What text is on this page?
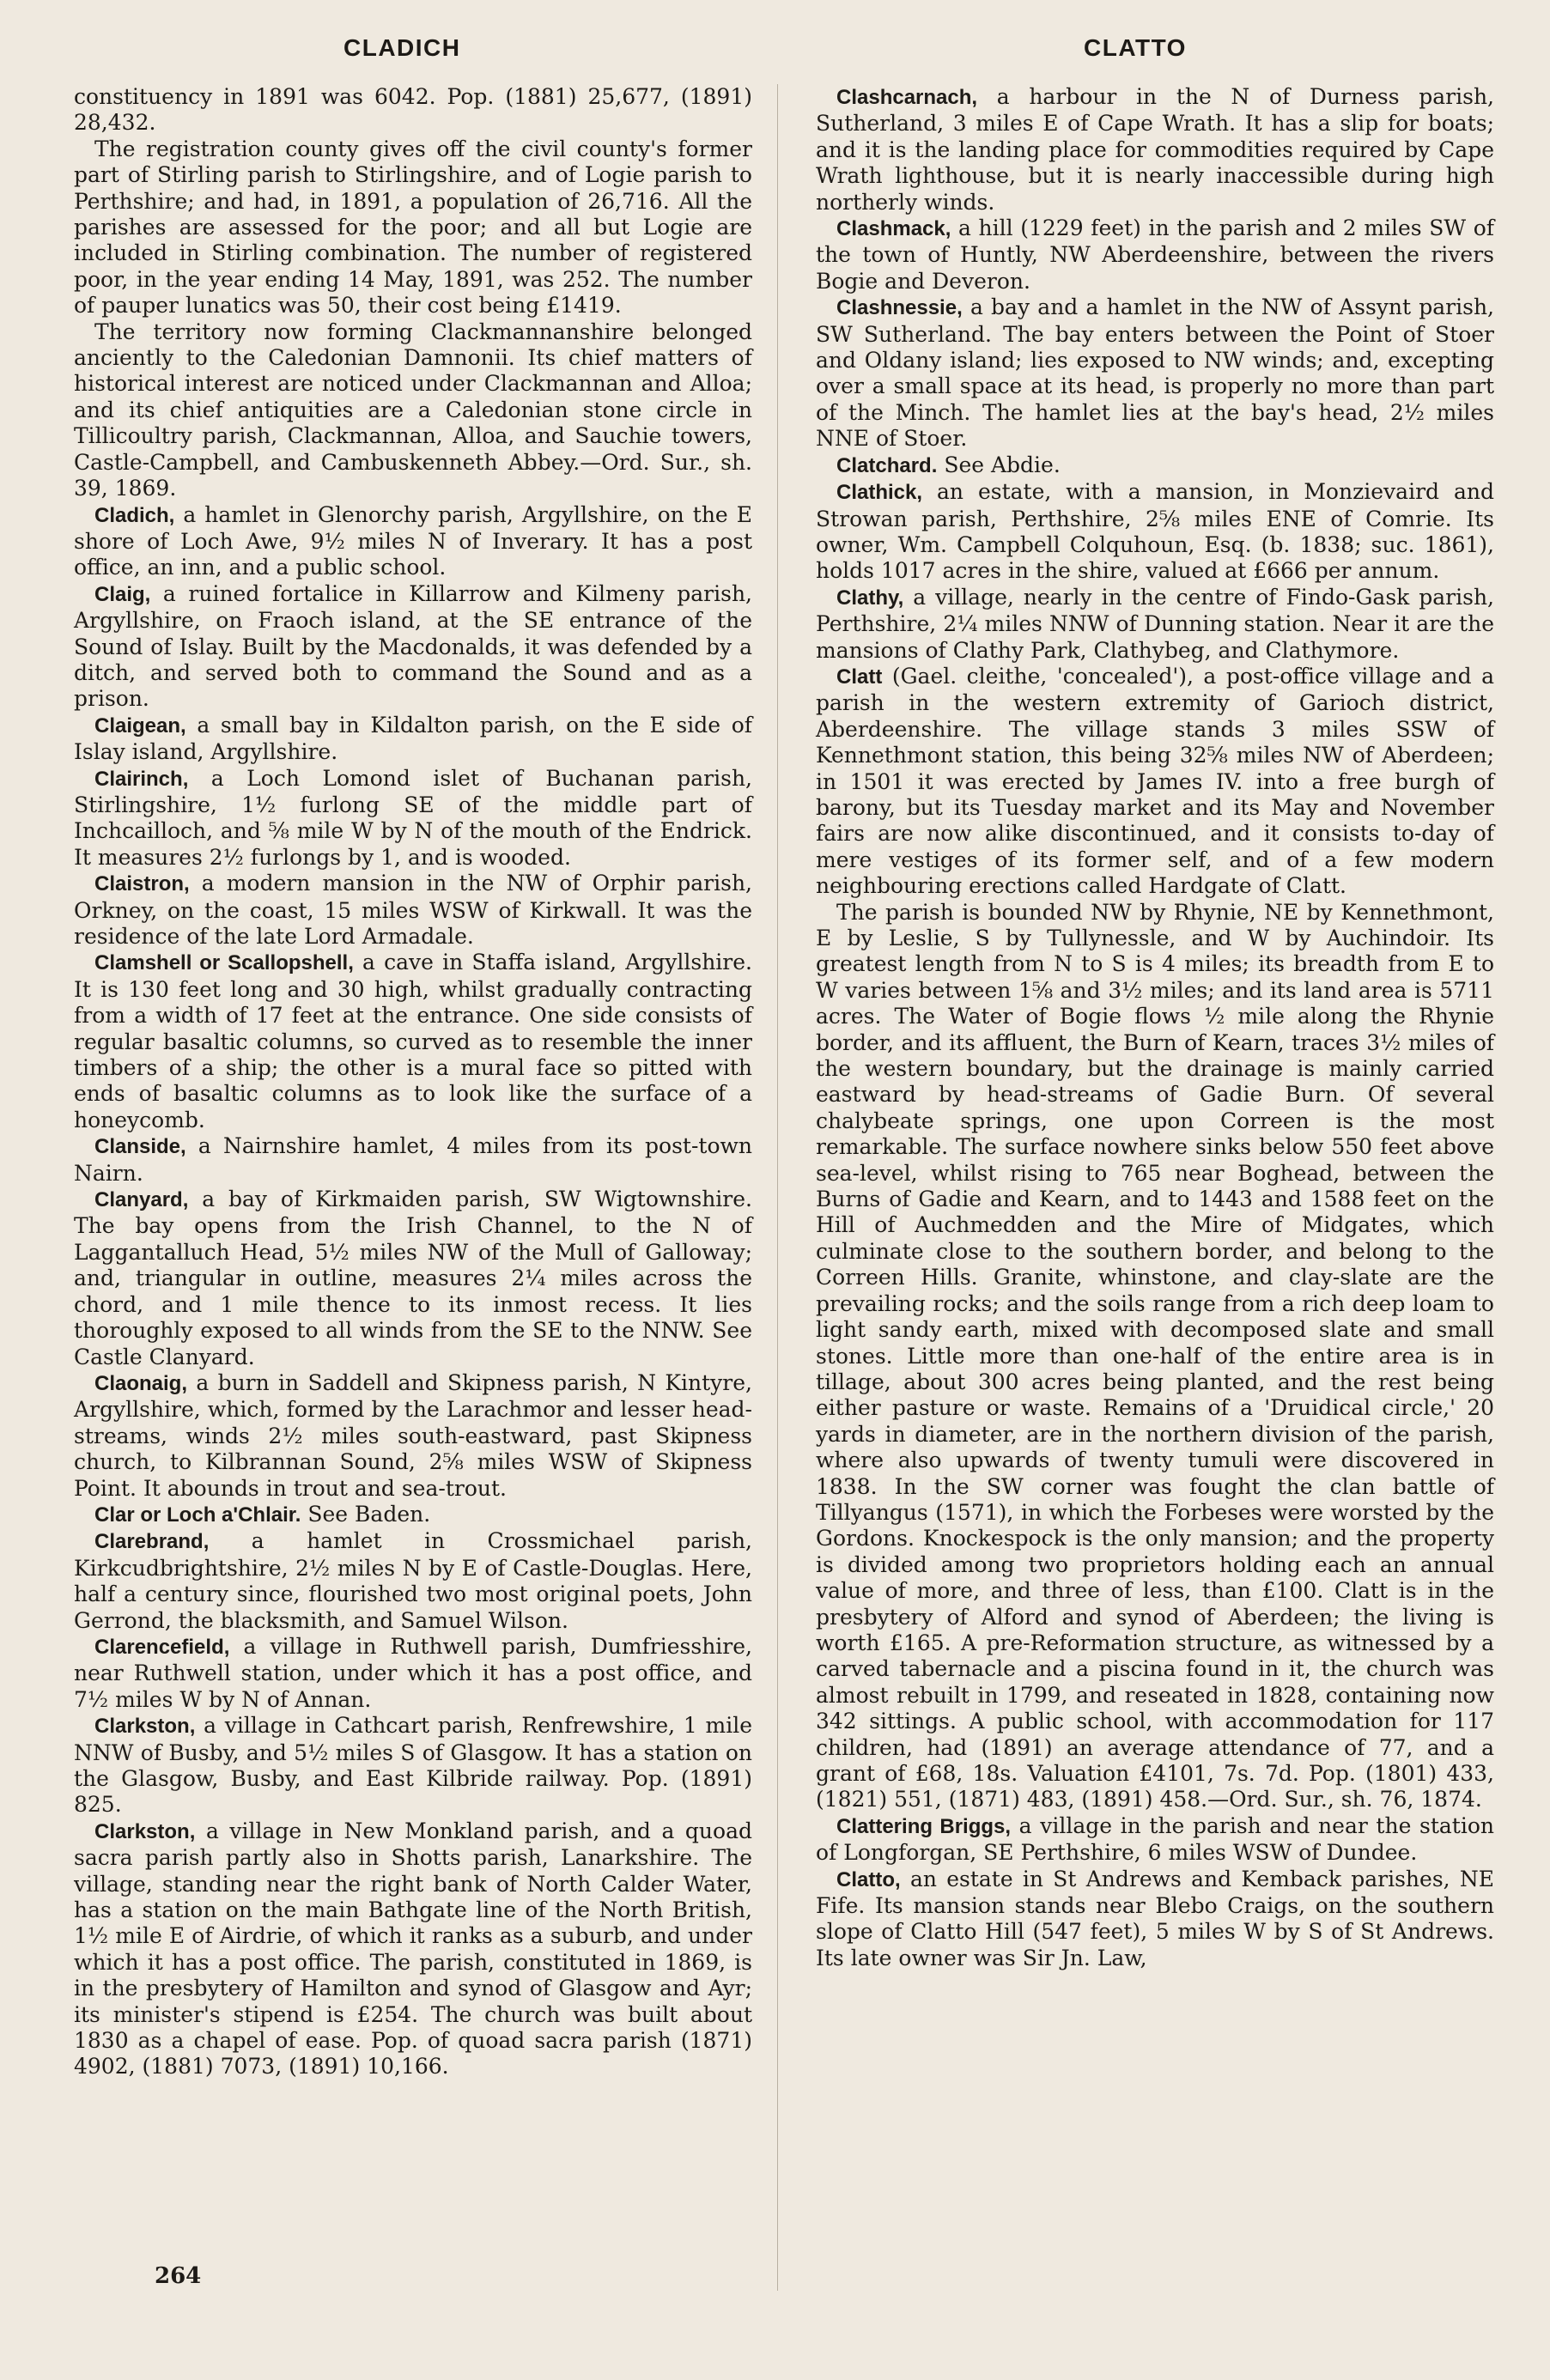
CLADICH	CLATTO

constituency in 1891 was 6042. Pop. (1881) 25,677, (1891) 28,432.

The registration county gives off the civil county's former part of Stirling parish to Stirlingshire, and of Logie parish to Perthshire; and had, in 1891, a population of 26,716. All the parishes are assessed for the poor; and all but Logie are included in Stirling combination. The number of registered poor, in the year ending 14 May, 1891, was 252. The number of pauper lunatics was 50, their cost being £1419.

The territory now forming Clackmannanshire belonged anciently to the Caledonian Damnonii. Its chief matters of historical interest are noticed under Clackmannan and Alloa; and its chief antiquities are a Caledonian stone circle in Tillicoultry parish, Clackmannan, Alloa, and Sauchie towers, Castle-Campbell, and Cambuskenneth Abbey.—Ord. Sur., sh. 39, 1869.

Cladich, a hamlet in Glenorchy parish, Argyllshire, on the E shore of Loch Awe, 9½ miles N of Inverary. It has a post office, an inn, and a public school.

Claig, a ruined fortalice in Killarrow and Kilmeny parish, Argyllshire, on Fraoch island, at the SE entrance of the Sound of Islay. Built by the Macdonalds, it was defended by a ditch, and served both to command the Sound and as a prison.

Claigean, a small bay in Kildalton parish, on the E side of Islay island, Argyllshire.

Clairinch, a Loch Lomond islet of Buchanan parish, Stirlingshire, 1½ furlong SE of the middle part of Inchcailloch, and ⅝ mile W by N of the mouth of the Endrick. It measures 2½ furlongs by 1, and is wooded.

Claistron, a modern mansion in the NW of Orphir parish, Orkney, on the coast, 15 miles WSW of Kirkwall. It was the residence of the late Lord Armadale.

Clamshell or Scallopshell, a cave in Staffa island, Argyllshire. It is 130 feet long and 30 high, whilst gradually contracting from a width of 17 feet at the entrance. One side consists of regular basaltic columns, so curved as to resemble the inner timbers of a ship; the other is a mural face so pitted with ends of basaltic columns as to look like the surface of a honeycomb.

Clanside, a Nairnshire hamlet, 4 miles from its post-town Nairn.

Clanyard, a bay of Kirkmaiden parish, SW Wigtownshire. The bay opens from the Irish Channel, to the N of Laggantalluch Head, 5½ miles NW of the Mull of Galloway; and, triangular in outline, measures 2¼ miles across the chord, and 1 mile thence to its inmost recess. It lies thoroughly exposed to all winds from the SE to the NNW. See Castle Clanyard.

Claonaig, a burn in Saddell and Skipness parish, N Kintyre, Argyllshire, which, formed by the Larachmor and lesser head-streams, winds 2½ miles south-eastward, past Skipness church, to Kilbrannan Sound, 2⅝ miles WSW of Skipness Point. It abounds in trout and sea-trout.

Clar or Loch a'Chlair. See Baden.

Clarebrand, a hamlet in Crossmichael parish, Kirkcudbrightshire, 2½ miles N by E of Castle-Douglas. Here, half a century since, flourished two most original poets, John Gerrond, the blacksmith, and Samuel Wilson.

Clarencefield, a village in Ruthwell parish, Dumfriesshire, near Ruthwell station, under which it has a post office, and 7½ miles W by N of Annan.

Clarkston, a village in Cathcart parish, Renfrewshire, 1 mile NNW of Busby, and 5½ miles S of Glasgow. It has a station on the Glasgow, Busby, and East Kilbride railway. Pop. (1891) 825.

Clarkston, a village in New Monkland parish, and a quoad sacra parish partly also in Shotts parish, Lanarkshire. The village, standing near the right bank of North Calder Water, has a station on the main Bathgate line of the North British, 1½ mile E of Airdrie, of which it ranks as a suburb, and under which it has a post office. The parish, constituted in 1869, is in the presbytery of Hamilton and synod of Glasgow and Ayr; its minister's stipend is £254. The church was built about 1830 as a chapel of ease. Pop. of quoad sacra parish (1871) 4902, (1881) 7073, (1891) 10,166.

Clashcarnach, a harbour in the N of Durness parish, Sutherland, 3 miles E of Cape Wrath. It has a slip for boats; and it is the landing place for commodities required by Cape Wrath lighthouse, but it is nearly inaccessible during high northerly winds.

Clashmack, a hill (1229 feet) in the parish and 2 miles SW of the town of Huntly, NW Aberdeenshire, between the rivers Bogie and Deveron.

Clashnessie, a bay and a hamlet in the NW of Assynt parish, SW Sutherland. The bay enters between the Point of Stoer and Oldany island; lies exposed to NW winds; and, excepting over a small space at its head, is properly no more than part of the Minch. The hamlet lies at the bay's head, 2½ miles NNE of Stoer.

Clatchard. See Abdie.

Clathick, an estate, with a mansion, in Monzievaird and Strowan parish, Perthshire, 2⅝ miles ENE of Comrie. Its owner, Wm. Campbell Colquhoun, Esq. (b. 1838; suc. 1861), holds 1017 acres in the shire, valued at £666 per annum.

Clathy, a village, nearly in the centre of Findo-Gask parish, Perthshire, 2¼ miles NNW of Dunning station. Near it are the mansions of Clathy Park, Clathybeg, and Clathymore.

Clatt (Gael. cleithe, 'concealed'), a post-office village and a parish in the western extremity of Garioch district, Aberdeenshire. The village stands 3 miles SSW of Kennethmont station, this being 32⅝ miles NW of Aberdeen; in 1501 it was erected by James IV. into a free burgh of barony, but its Tuesday market and its May and November fairs are now alike discontinued, and it consists to-day of mere vestiges of its former self, and of a few modern neighbouring erections called Hardgate of Clatt.

The parish is bounded NW by Rhynie, NE by Kennethmont, E by Leslie, S by Tullynessle, and W by Auchindoir. Its greatest length from N to S is 4 miles; its breadth from E to W varies between 1⅝ and 3½ miles; and its land area is 5711 acres. The Water of Bogie flows ½ mile along the Rhynie border, and its affluent, the Burn of Kearn, traces 3½ miles of the western boundary, but the drainage is mainly carried eastward by head-streams of Gadie Burn. Of several chalybeate springs, one upon Correen is the most remarkable. The surface nowhere sinks below 550 feet above sea-level, whilst rising to 765 near Boghead, between the Burns of Gadie and Kearn, and to 1443 and 1588 feet on the Hill of Auchmedden and the Mire of Midgates, which culminate close to the southern border, and belong to the Correen Hills. Granite, whinstone, and clay-slate are the prevailing rocks; and the soils range from a rich deep loam to light sandy earth, mixed with decomposed slate and small stones. Little more than one-half of the entire area is in tillage, about 300 acres being planted, and the rest being either pasture or waste. Remains of a 'Druidical circle,' 20 yards in diameter, are in the northern division of the parish, where also upwards of twenty tumuli were discovered in 1838. In the SW corner was fought the clan battle of Tillyangus (1571), in which the Forbeses were worsted by the Gordons. Knockespock is the only mansion; and the property is divided among two proprietors holding each an annual value of more, and three of less, than £100. Clatt is in the presbytery of Alford and synod of Aberdeen; the living is worth £165. A pre-Reformation structure, as witnessed by a carved tabernacle and a piscina found in it, the church was almost rebuilt in 1799, and reseated in 1828, containing now 342 sittings. A public school, with accommodation for 117 children, had (1891) an average attendance of 77, and a grant of £68, 18s. Valuation £4101, 7s. 7d. Pop. (1801) 433, (1821) 551, (1871) 483, (1891) 458.—Ord. Sur., sh. 76, 1874.

Clattering Briggs, a village in the parish and near the station of Longforgan, SE Perthshire, 6 miles WSW of Dundee.

Clatto, an estate in St Andrews and Kemback parishes, NE Fife. Its mansion stands near Blebo Craigs, on the southern slope of Clatto Hill (547 feet), 5 miles W by S of St Andrews. Its late owner was Sir Jn. Law,

264
